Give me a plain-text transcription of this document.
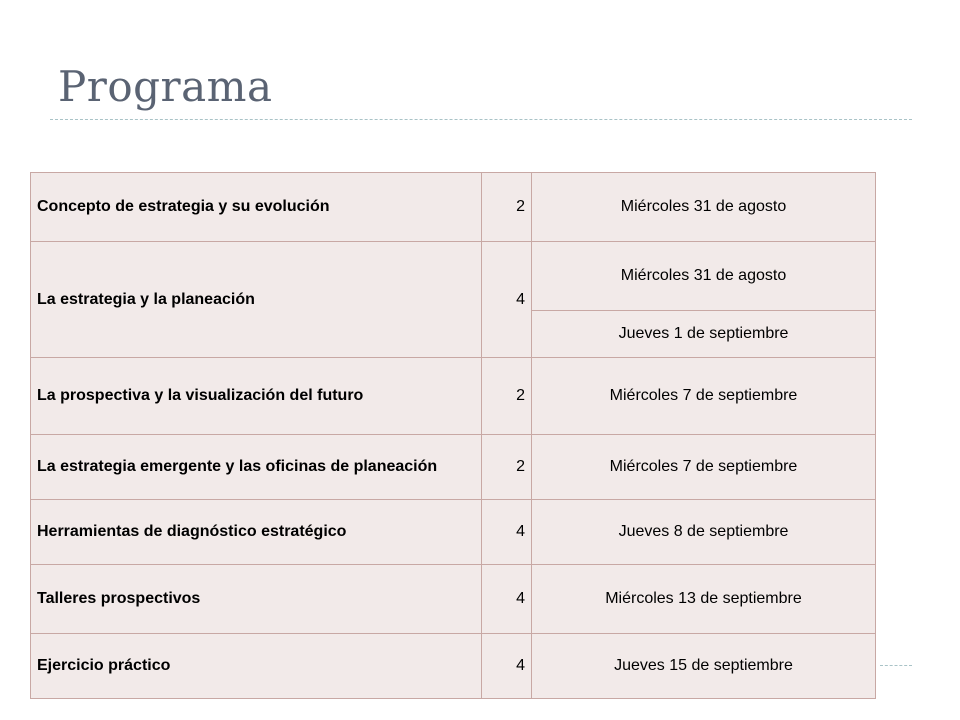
Programa
Concepto de estrategia y su evolución	2	Miércoles 31 de agosto
La estrategia y la planeación	4	Miércoles 31 de agosto
		Jueves 1 de septiembre
La prospectiva y la visualización del futuro	2	Miércoles 7 de septiembre
La estrategia emergente y las oficinas de planeación	2	Miércoles 7 de septiembre
Herramientas de diagnóstico estratégico	4	Jueves 8 de septiembre
Talleres prospectivos	4	Miércoles 13 de septiembre
Ejercicio práctico	4	Jueves 15 de septiembre
